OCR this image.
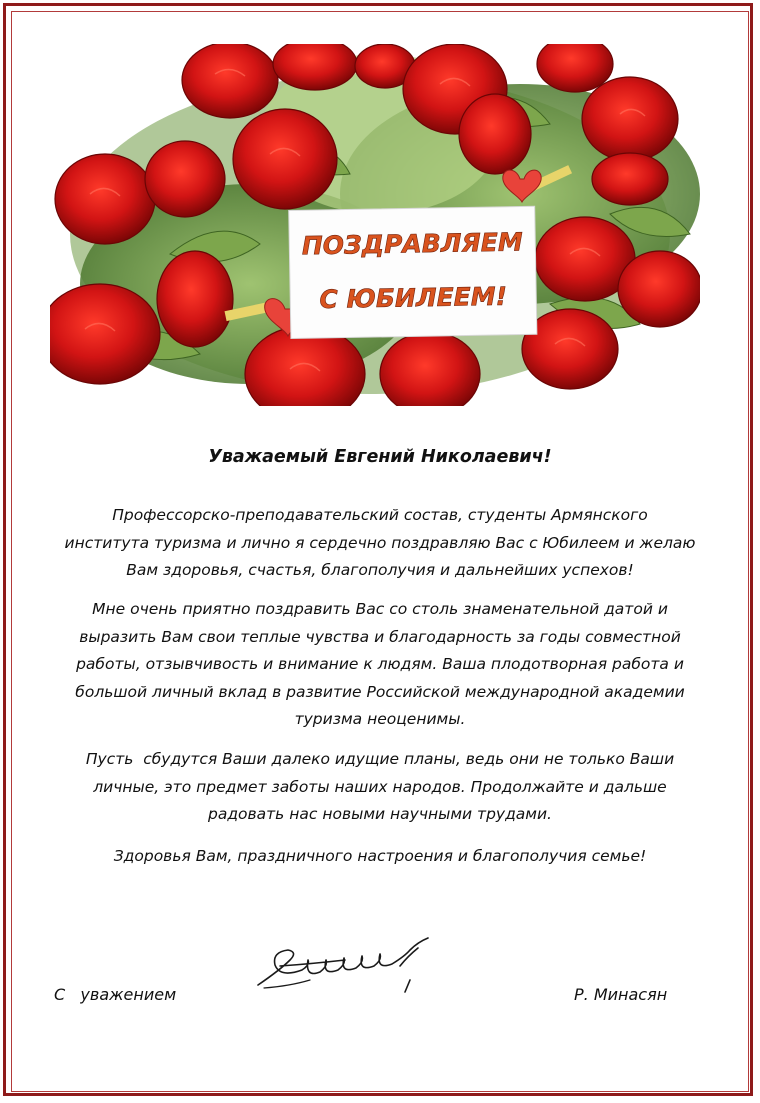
ПОЗДРАВЛЯЕМ
С ЮБИЛЕЕМ!
Уважаемый Евгений Николаевич!
Профессорско-преподавательский состав, студенты Армянского
института туризма и лично я сердечно поздравляю Вас с Юбилеем и желаю
Вам здоровья, счастья, благополучия и дальнейших успехов!
Мне очень приятно поздравить Вас со столь знаменательной датой и
выразить Вам свои теплые чувства и благодарность за годы совместной
работы, отзывчивость и внимание к людям. Ваша плодотворная работа и
большой личный вклад в развитие Российской международной академии
туризма неоценимы.
Пусть  сбудутся Ваши далеко идущие планы, ведь они не только Ваши
личные, это предмет заботы наших народов. Продолжайте и дальше
радовать нас новыми научными трудами.
Здоровья Вам, праздничного настроения и благополучия семье!
С   уважением	Р. Минасян
